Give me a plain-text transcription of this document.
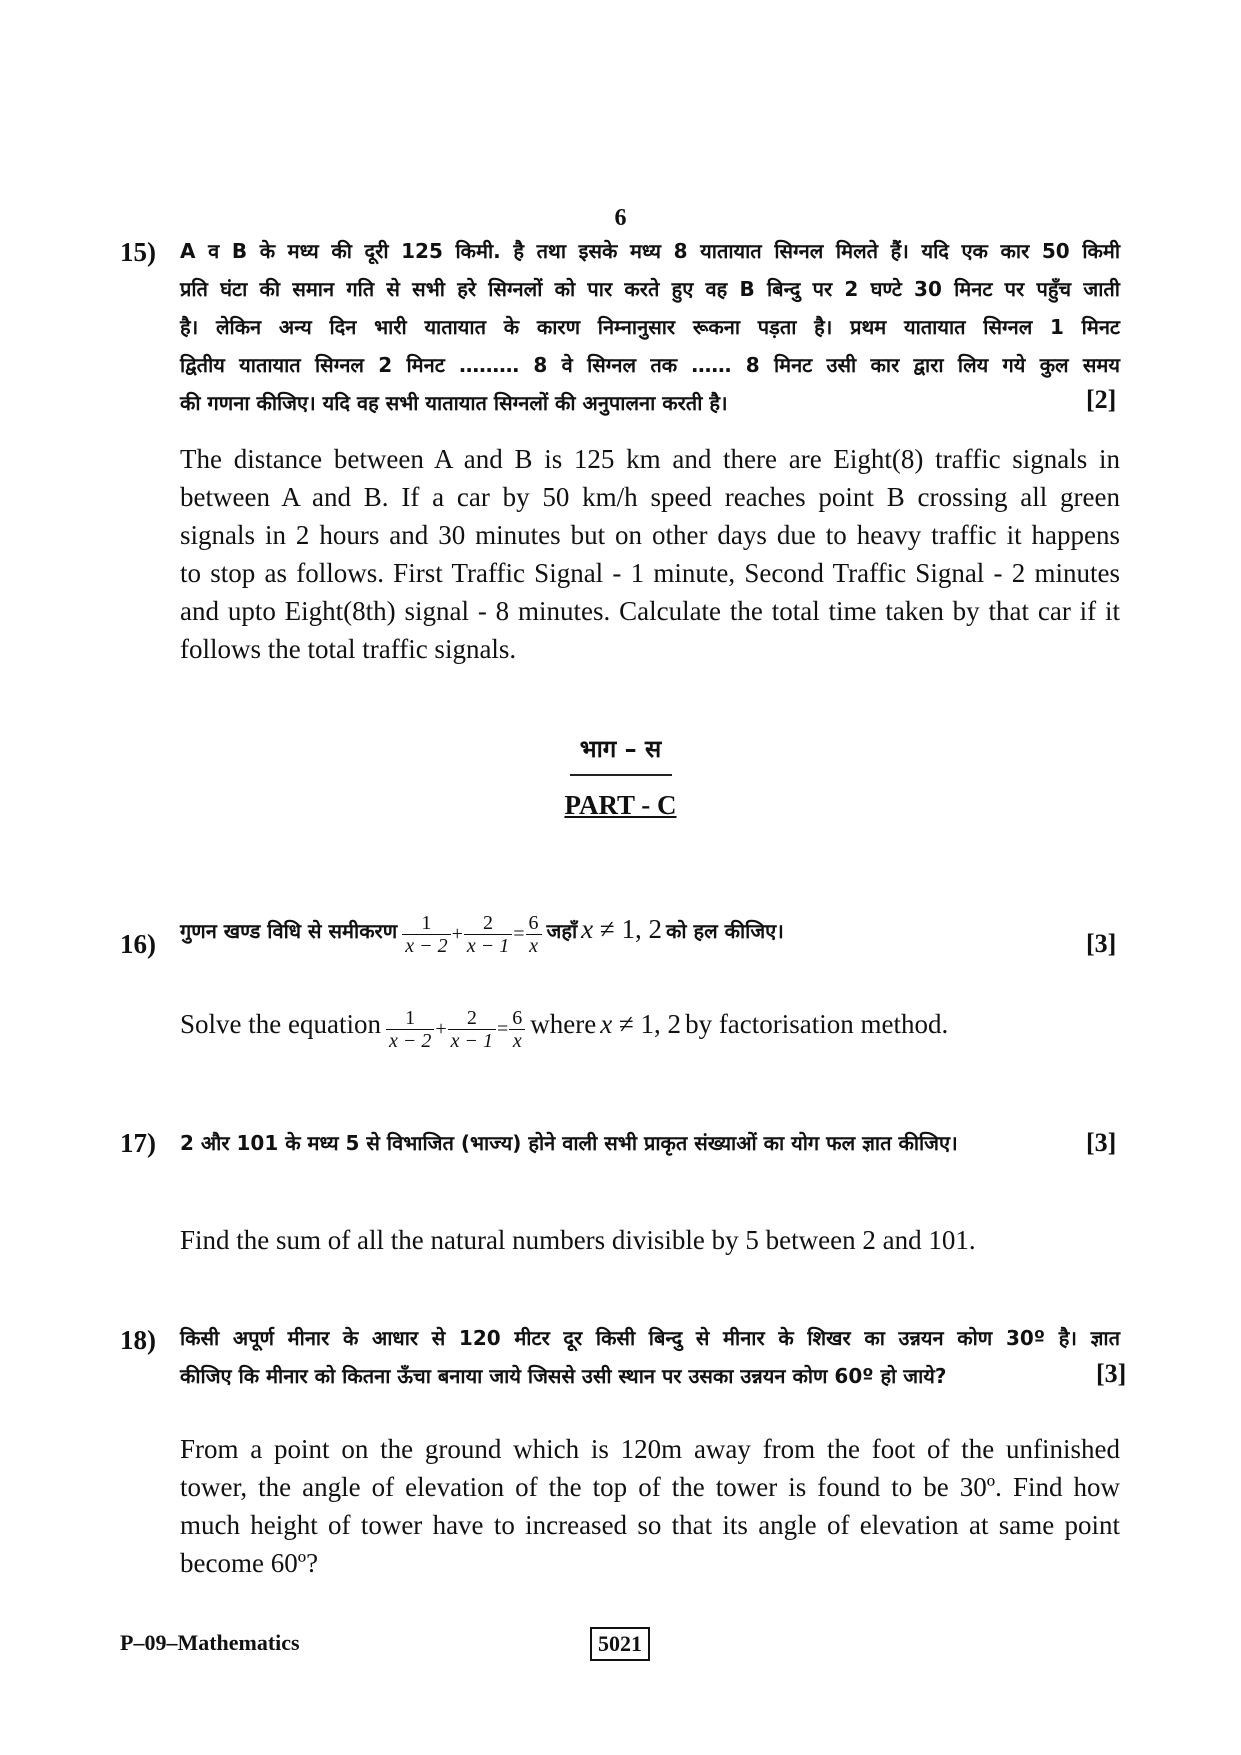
6
15) A व B के मध्य की दूरी 125 किमी. है तथा इसके मध्य 8 यातायात सिग्नल मिलते हैं। यदि एक कार 50 किमी
प्रति घंटा की समान गति से सभी हरे सिग्नलों को पार करते हुए वह B बिन्दु पर 2 घण्टे 30 मिनट पर पहुँच जाती
है। लेकिन अन्य दिन भारी यातायात के कारण निम्नानुसार रूकना पड़ता है। प्रथम यातायात सिग्नल 1 मिनट
द्वितीय यातायात सिग्नल 2 मिनट ……… 8 वे सिग्नल तक …… 8 मिनट उसी कार द्वारा लिय गये कुल समय
की गणना कीजिए। यदि वह सभी यातायात सिग्नलों की अनुपालना करती है।	[2]
The distance between A and B is 125 km and there are Eight(8) traffic signals in
between A and B. If a car by 50 km/h speed reaches point B crossing all green
signals in 2 hours and 30 minutes but on other days due to heavy traffic it happens
to stop as follows. First Traffic Signal - 1 minute, Second Traffic Signal - 2 minutes
and upto Eight(8th) signal - 8 minutes. Calculate the total time taken by that car if it
follows the total traffic signals.
भाग – स
PART - C
16) गुणन खण्ड विधि से समीकरण $\frac{1}{x - 2} + \frac{2}{x - 1} = \frac{6}{x}$ जहाँ x ≠ 1, 2 को हल कीजिए।	[3]
Solve the equation $\frac{1}{x - 2} + \frac{2}{x - 1} = \frac{6}{x}$ where x ≠ 1, 2 by factorisation method.
17) 2 और 101 के मध्य 5 से विभाजित (भाज्य) होने वाली सभी प्राकृत संख्याओं का योग फल ज्ञात कीजिए।	[3]
Find the sum of all the natural numbers divisible by 5 between 2 and 101.
18) किसी अपूर्ण मीनार के आधार से 120 मीटर दूर किसी बिन्दु से मीनार के शिखर का उन्नयन कोण 30º है। ज्ञात
कीजिए कि मीनार को कितना ऊँचा बनाया जाये जिससे उसी स्थान पर उसका उन्नयन कोण 60º हो जाये?	[3]
From a point on the ground which is 120m away from the foot of the unfinished
tower, the angle of elevation of the top of the tower is found to be 30º. Find how
much height of tower have to increased so that its angle of elevation at same point
become 60º?
P–09–Mathematics	5021
